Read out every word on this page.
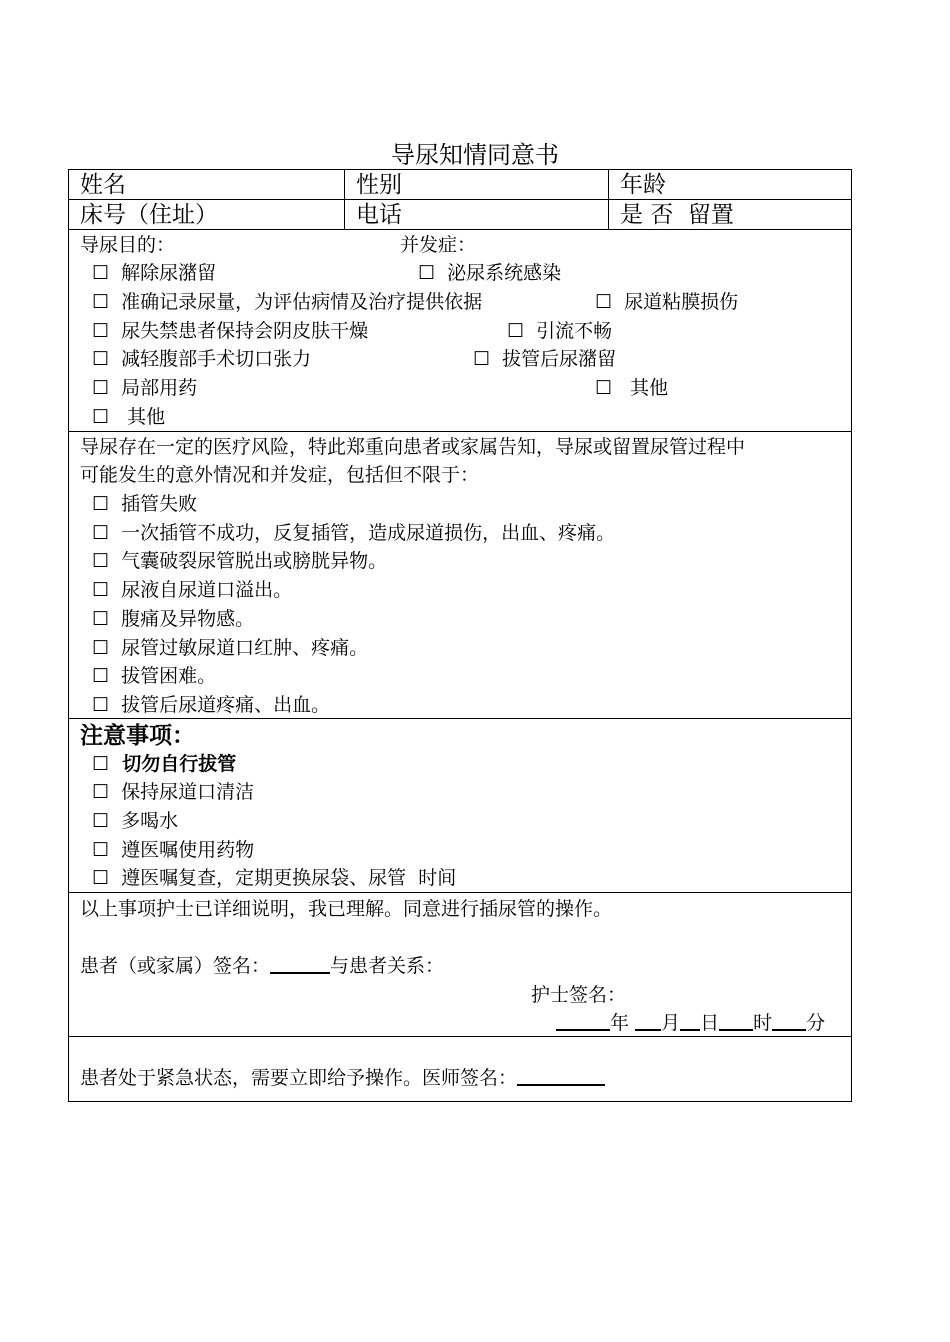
导尿知情同意书
姓名	性别	年龄
床号（住址）	电话	是 否  留置
导尿目的：	并发症：
☐ 解除尿潴留
☐ 准确记录尿量，为评估病情及治疗提供依据
☐ 尿失禁患者保持会阴皮肤干燥
☐ 减轻腹部手术切口张力
☐ 局部用药
☐   其他
☐ 泌尿系统感染
☐ 尿道粘膜损伤
☐ 引流不畅
☐ 拔管后尿潴留
☐   其他
导尿存在一定的医疗风险，特此郑重向患者或家属告知，导尿或留置尿管过程中
可能发生的意外情况和并发症，包括但不限于：
☐ 插管失败
☐ 一次插管不成功，反复插管，造成尿道损伤，出血、疼痛。
☐ 气囊破裂尿管脱出或膀胱异物。
☐ 尿液自尿道口溢出。
☐ 腹痛及异物感。
☐ 尿管过敏尿道口红肿、疼痛。
☐ 拔管困难。
☐ 拔管后尿道疼痛、出血。
注意事项：
☐ 切勿自行拔管
☐ 保持尿道口清洁
☐ 多喝水
☐ 遵医嘱使用药物
☐ 遵医嘱复查，定期更换尿袋、尿管  时间
以上事项护士已详细说明，我已理解。同意进行插尿管的操作。
患者（或家属）签名：	与患者关系：
护士签名：
年 月 日 时 分
患者处于紧急状态，需要立即给予操作。医师签名：
